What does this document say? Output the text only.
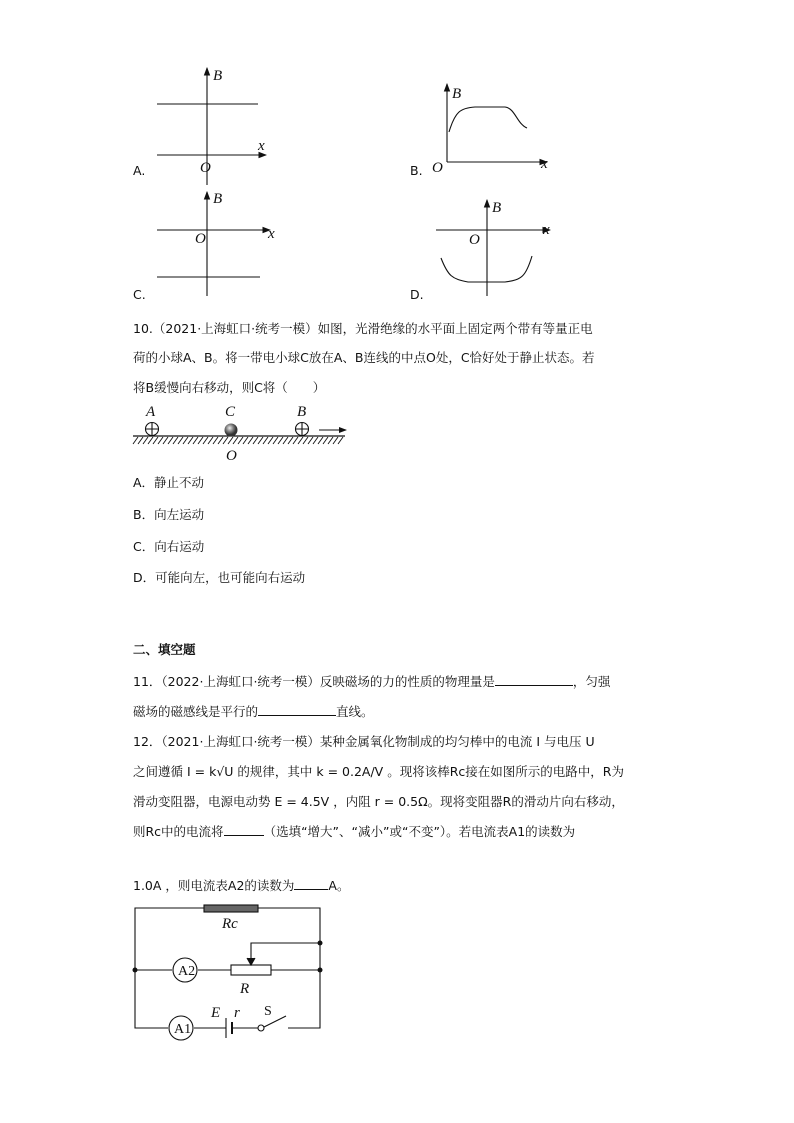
B
x
O
B
x
O
B
x
O
B
x
O
A	C	B
O
Rc
A2
R
A1
E r S
A.	B.
C.	D.
10.（2021·上海虹口·统考一模）如图，光滑绝缘的水平面上固定两个带有等量正电
荷的小球A、B。将一带电小球C放在A、B连线的中点O处，C恰好处于静止状态。若
将B缓慢向右移动，则C将（　　）
A．静止不动
B．向左运动
C．向右运动
D．可能向左，也可能向右运动
二、填空题
11．（2022·上海虹口·统考一模）反映磁场的力的性质的物理量是	，匀强
磁场的磁感线是平行的	直线。
12．（2021·上海虹口·统考一模）某种金属氧化物制成的均匀棒中的电流 I 与电压 U
之间遵循 I = k√U 的规律，其中 k = 0.2A/V 。现将该棒Rc接在如图所示的电路中，R为
滑动变阻器，电源电动势 E = 4.5V ，内阻 r = 0.5Ω。现将变阻器R的滑动片向右移动，
则Rc中的电流将	（选填“增大”、“减小”或“不变”）。若电流表A1的读数为
1.0A ，则电流表A2的读数为	A。
